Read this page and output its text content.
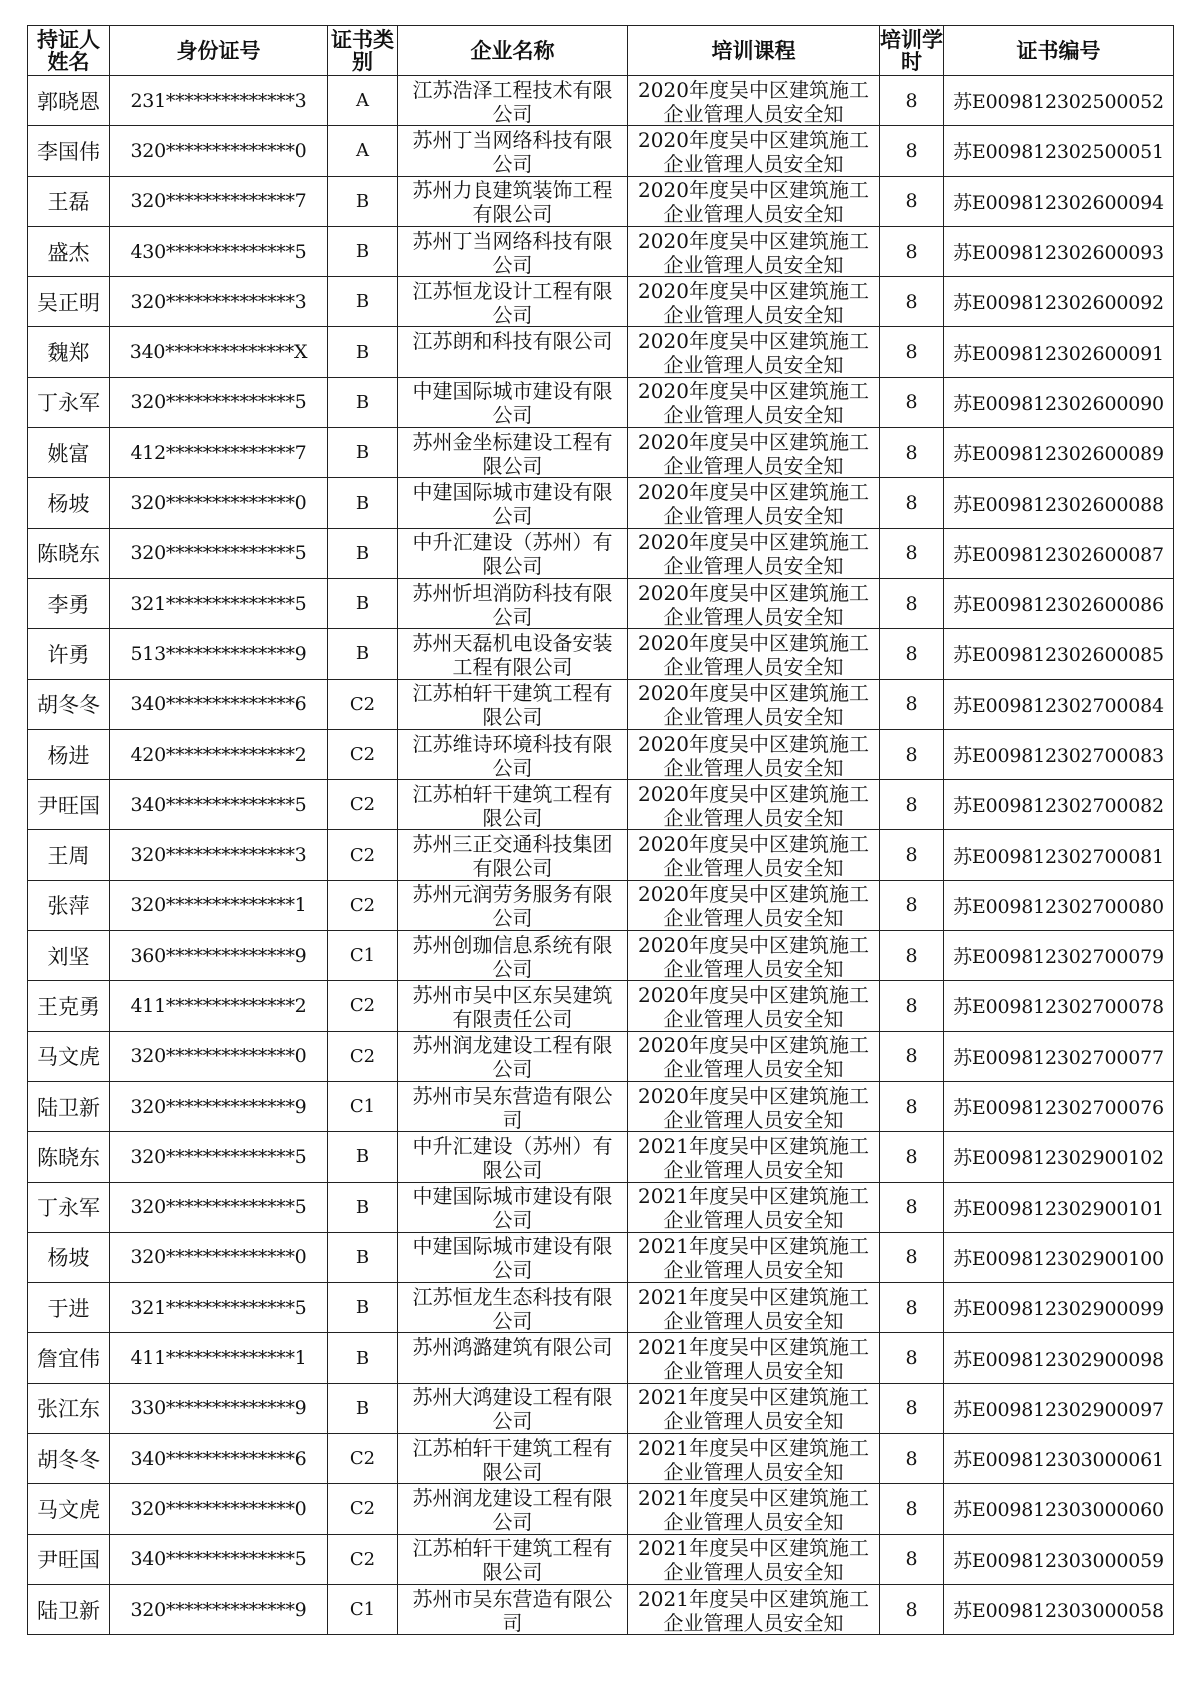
持证人姓名	身份证号	证书类别	企业名称	培训课程	培训学时	证书编号
郭晓恩	231**************3	A	江苏浩泽工程技术有限公司	2020年度吴中区建筑施工企业管理人员安全知	8	苏E009812302500052
李国伟	320**************0	A	苏州丁当网络科技有限公司	2020年度吴中区建筑施工企业管理人员安全知	8	苏E009812302500051
王磊	320**************7	B	苏州力良建筑装饰工程有限公司	2020年度吴中区建筑施工企业管理人员安全知	8	苏E009812302600094
盛杰	430**************5	B	苏州丁当网络科技有限公司	2020年度吴中区建筑施工企业管理人员安全知	8	苏E009812302600093
吴正明	320**************3	B	江苏恒龙设计工程有限公司	2020年度吴中区建筑施工企业管理人员安全知	8	苏E009812302600092
魏郑	340**************X	B	江苏朗和科技有限公司	2020年度吴中区建筑施工企业管理人员安全知	8	苏E009812302600091
丁永军	320**************5	B	中建国际城市建设有限公司	2020年度吴中区建筑施工企业管理人员安全知	8	苏E009812302600090
姚富	412**************7	B	苏州金坐标建设工程有限公司	2020年度吴中区建筑施工企业管理人员安全知	8	苏E009812302600089
杨坡	320**************0	B	中建国际城市建设有限公司	2020年度吴中区建筑施工企业管理人员安全知	8	苏E009812302600088
陈晓东	320**************5	B	中升汇建设（苏州）有限公司	2020年度吴中区建筑施工企业管理人员安全知	8	苏E009812302600087
李勇	321**************5	B	苏州忻坦消防科技有限公司	2020年度吴中区建筑施工企业管理人员安全知	8	苏E009812302600086
许勇	513**************9	B	苏州天磊机电设备安装工程有限公司	2020年度吴中区建筑施工企业管理人员安全知	8	苏E009812302600085
胡冬冬	340**************6	C2	江苏柏轩干建筑工程有限公司	2020年度吴中区建筑施工企业管理人员安全知	8	苏E009812302700084
杨进	420**************2	C2	江苏维诗环境科技有限公司	2020年度吴中区建筑施工企业管理人员安全知	8	苏E009812302700083
尹旺国	340**************5	C2	江苏柏轩干建筑工程有限公司	2020年度吴中区建筑施工企业管理人员安全知	8	苏E009812302700082
王周	320**************3	C2	苏州三正交通科技集团有限公司	2020年度吴中区建筑施工企业管理人员安全知	8	苏E009812302700081
张萍	320**************1	C2	苏州元润劳务服务有限公司	2020年度吴中区建筑施工企业管理人员安全知	8	苏E009812302700080
刘坚	360**************9	C1	苏州创珈信息系统有限公司	2020年度吴中区建筑施工企业管理人员安全知	8	苏E009812302700079
王克勇	411**************2	C2	苏州市吴中区东吴建筑有限责任公司	2020年度吴中区建筑施工企业管理人员安全知	8	苏E009812302700078
马文虎	320**************0	C2	苏州润龙建设工程有限公司	2020年度吴中区建筑施工企业管理人员安全知	8	苏E009812302700077
陆卫新	320**************9	C1	苏州市吴东营造有限公司	2020年度吴中区建筑施工企业管理人员安全知	8	苏E009812302700076
陈晓东	320**************5	B	中升汇建设（苏州）有限公司	2021年度吴中区建筑施工企业管理人员安全知	8	苏E009812302900102
丁永军	320**************5	B	中建国际城市建设有限公司	2021年度吴中区建筑施工企业管理人员安全知	8	苏E009812302900101
杨坡	320**************0	B	中建国际城市建设有限公司	2021年度吴中区建筑施工企业管理人员安全知	8	苏E009812302900100
于进	321**************5	B	江苏恒龙生态科技有限公司	2021年度吴中区建筑施工企业管理人员安全知	8	苏E009812302900099
詹宜伟	411**************1	B	苏州鸿潞建筑有限公司	2021年度吴中区建筑施工企业管理人员安全知	8	苏E009812302900098
张江东	330**************9	B	苏州大鸿建设工程有限公司	2021年度吴中区建筑施工企业管理人员安全知	8	苏E009812302900097
胡冬冬	340**************6	C2	江苏柏轩干建筑工程有限公司	2021年度吴中区建筑施工企业管理人员安全知	8	苏E009812303000061
马文虎	320**************0	C2	苏州润龙建设工程有限公司	2021年度吴中区建筑施工企业管理人员安全知	8	苏E009812303000060
尹旺国	340**************5	C2	江苏柏轩干建筑工程有限公司	2021年度吴中区建筑施工企业管理人员安全知	8	苏E009812303000059
陆卫新	320**************9	C1	苏州市吴东营造有限公司	2021年度吴中区建筑施工企业管理人员安全知	8	苏E009812303000058
